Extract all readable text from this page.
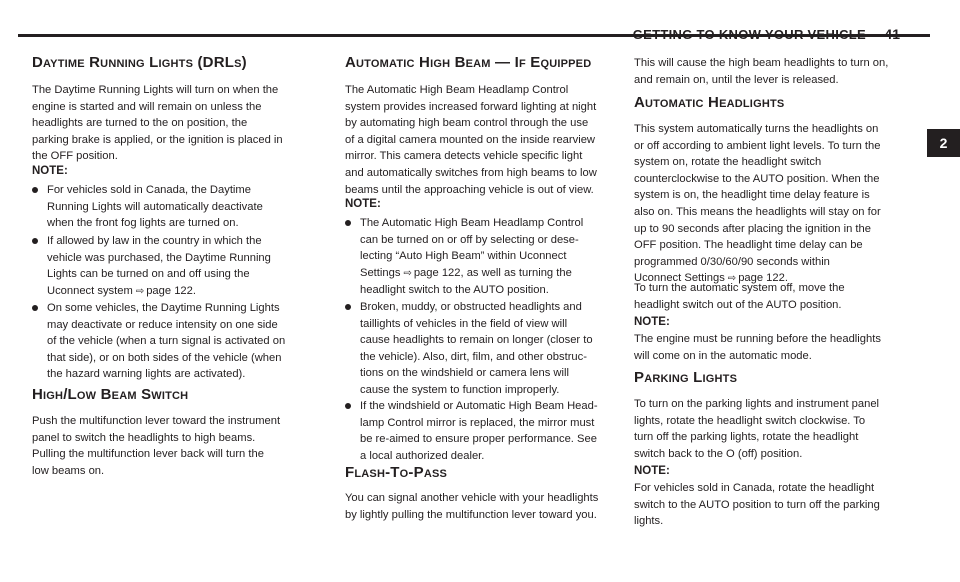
GETTING TO KNOW YOUR VEHICLE 41
2
Daytime Running Lights (DRLs)
The Daytime Running Lights will turn on when the
engine is started and will remain on unless the
headlights are turned to the on position, the
parking brake is applied, or the ignition is placed in
the OFF position.
NOTE:
For vehicles sold in Canada, the Daytime
Running Lights will automatically deactivate
when the front fog lights are turned on.
If allowed by law in the country in which the
vehicle was purchased, the Daytime Running
Lights can be turned on and off using the
Uconnect system ⇨ page 122.
On some vehicles, the Daytime Running Lights
may deactivate or reduce intensity on one side
of the vehicle (when a turn signal is activated on
that side), or on both sides of the vehicle (when
the hazard warning lights are activated).
High/Low Beam Switch
Push the multifunction lever toward the instrument
panel to switch the headlights to high beams.
Pulling the multifunction lever back will turn the
low beams on.
Automatic High Beam — If Equipped
The Automatic High Beam Headlamp Control
system provides increased forward lighting at night
by automating high beam control through the use
of a digital camera mounted on the inside rearview
mirror. This camera detects vehicle specific light
and automatically switches from high beams to low
beams until the approaching vehicle is out of view.
NOTE:
The Automatic High Beam Headlamp Control
can be turned on or off by selecting or dese-
lecting “Auto High Beam” within Uconnect
Settings ⇨ page 122, as well as turning the
headlight switch to the AUTO position.
Broken, muddy, or obstructed headlights and
taillights of vehicles in the field of view will
cause headlights to remain on longer (closer to
the vehicle). Also, dirt, film, and other obstruc-
tions on the windshield or camera lens will
cause the system to function improperly.
If the windshield or Automatic High Beam Head-
lamp Control mirror is replaced, the mirror must
be re-aimed to ensure proper performance. See
a local authorized dealer.
Flash-To-Pass
You can signal another vehicle with your headlights
by lightly pulling the multifunction lever toward you.
This will cause the high beam headlights to turn on,
and remain on, until the lever is released.
Automatic Headlights
This system automatically turns the headlights on
or off according to ambient light levels. To turn the
system on, rotate the headlight switch
counterclockwise to the AUTO position. When the
system is on, the headlight time delay feature is
also on. This means the headlights will stay on for
up to 90 seconds after placing the ignition in the
OFF position. The headlight time delay can be
programmed 0/30/60/90 seconds within
Uconnect Settings ⇨ page 122.
To turn the automatic system off, move the
headlight switch out of the AUTO position.
NOTE:
The engine must be running before the headlights
will come on in the automatic mode.
Parking Lights
To turn on the parking lights and instrument panel
lights, rotate the headlight switch clockwise. To
turn off the parking lights, rotate the headlight
switch back to the O (off) position.
NOTE:
For vehicles sold in Canada, rotate the headlight
switch to the AUTO position to turn off the parking
lights.
